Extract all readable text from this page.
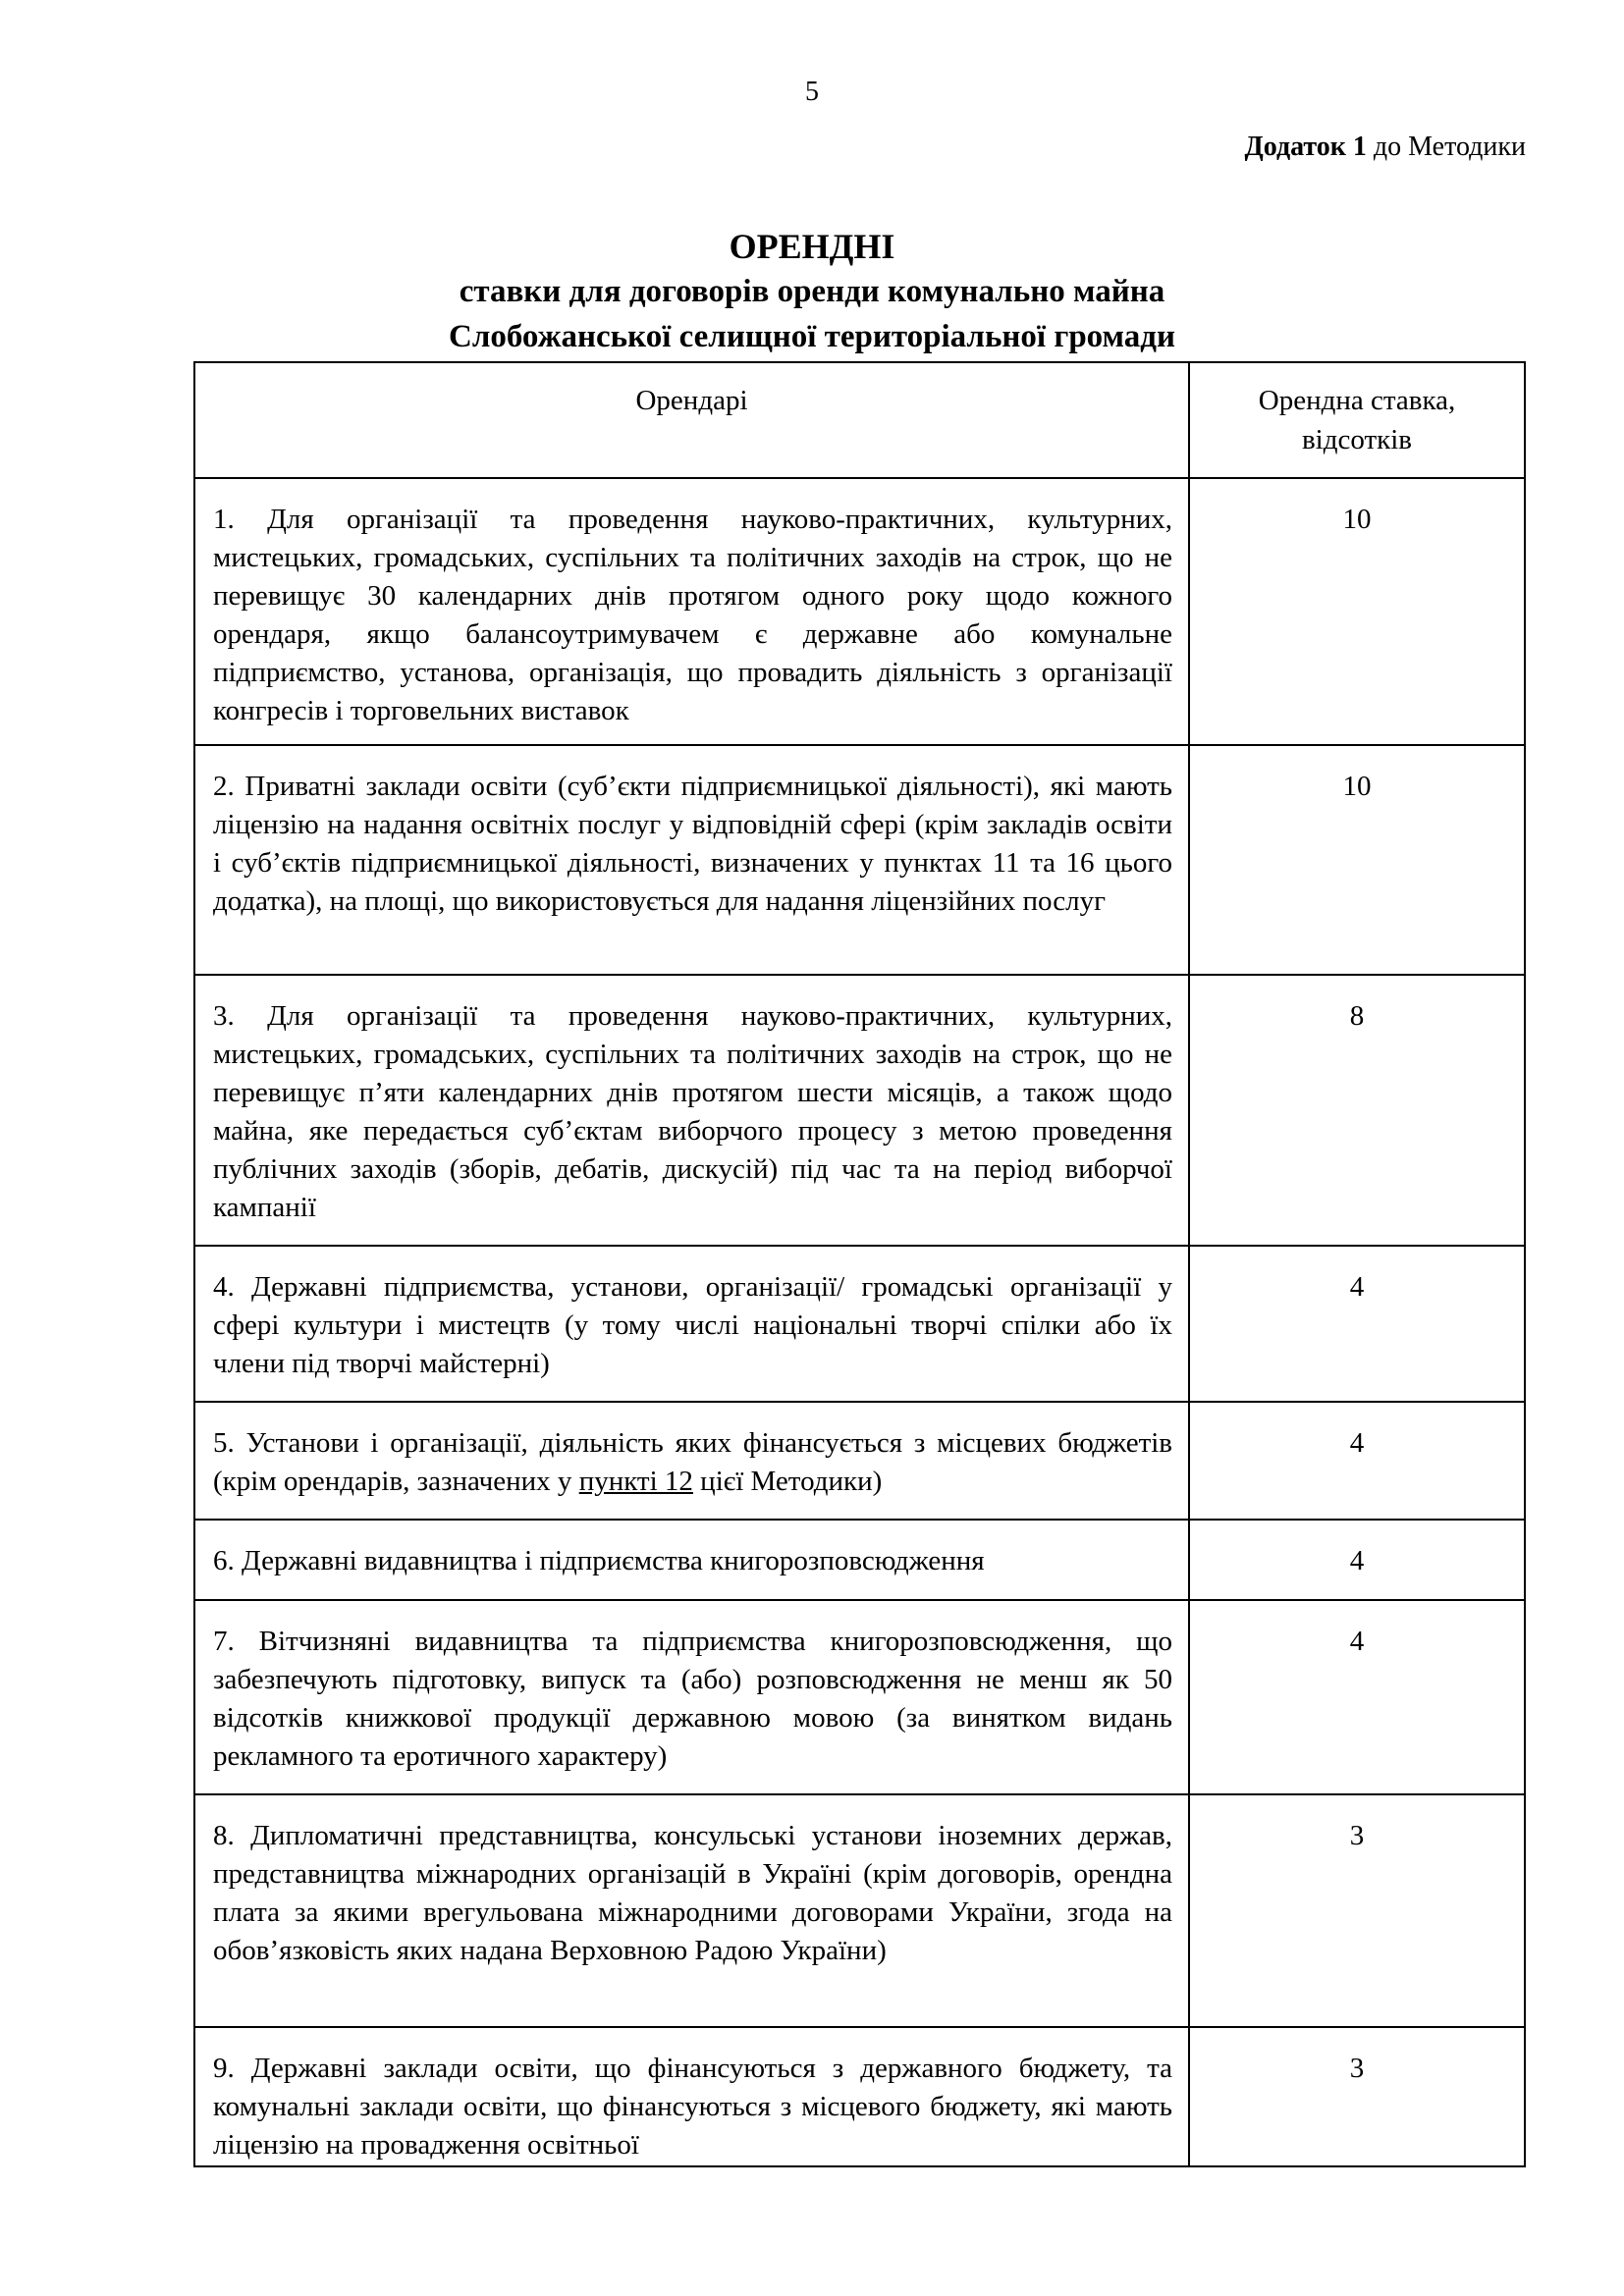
5
Додаток 1 до Методики
ОРЕНДНІ
ставки для договорів оренди комунально майна
Слобожанської селищної територіальної громади
Орендарі	Орендна ставка,
відсотків

1. Для організації та проведення науково-практичних, культурних, мистецьких, громадських, суспільних та політичних заходів на строк, що не перевищує 30 календарних днів протягом одного року щодо кожного орендаря, якщо балансоутримувачем є державне або комунальне підприємство, установа, організація, що провадить діяльність з організації конгресів і торговельних виставок	10
2. Приватні заклади освіти (суб’єкти підприємницької діяльності), які мають ліцензію на надання освітніх послуг у відповідній сфері (крім закладів освіти і суб’єктів підприємницької діяльності, визначених у пунктах 11 та 16 цього додатка), на площі, що використовується для надання ліцензійних послуг	10
3. Для організації та проведення науково-практичних, культурних, мистецьких, громадських, суспільних та політичних заходів на строк, що не перевищує п’яти календарних днів протягом шести місяців, а також щодо майна, яке передається суб’єктам виборчого процесу з метою проведення публічних заходів (зборів, дебатів, дискусій) під час та на період виборчої кампанії	8
4. Державні підприємства, установи, організації/ громадські організації у сфері культури і мистецтв (у тому числі національні творчі спілки або їх члени під творчі майстерні)	4
5. Установи і організації, діяльність яких фінансується з місцевих бюджетів (крім орендарів, зазначених у пункті 12 цієї Методики)	4
6. Державні видавництва і підприємства книгорозповсюдження	4
7. Вітчизняні видавництва та підприємства книгорозповсюдження, що забезпечують підготовку, випуск та (або) розповсюдження не менш як 50 відсотків книжкової продукції державною мовою (за винятком видань рекламного та еротичного характеру)	4
8. Дипломатичні представництва, консульські установи іноземних держав, представництва міжнародних організацій в Україні (крім договорів, орендна плата за якими врегульована міжнародними договорами України, згода на обов’язковість яких надана Верховною Радою України)	3
9. Державні заклади освіти, що фінансуються з державного бюджету, та комунальні заклади освіти, що фінансуються з місцевого бюджету, які мають ліцензію на провадження освітньої	3
